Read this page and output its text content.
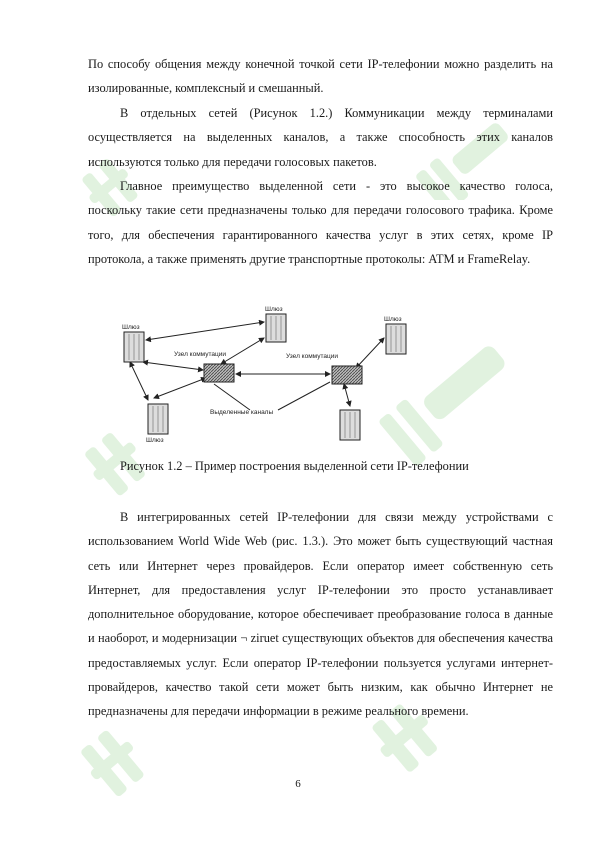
По способу общения между конечной точкой сети IP-телефонии можно разделить на изолированные, комплексный и смешанный.

В отдельных сетей (Рисунок 1.2.) Коммуникации между терминалами осуществляется на выделенных каналов, а также способность этих каналов используются только для передачи голосовых пакетов.

Главное преимущество выделенной сети - это высокое качество голоса, поскольку такие сети предназначены только для передачи голосового трафика. Кроме того, для обеспечения гарантированного качества услуг в этих сетях, кроме IP протокола, а также применять другие транспортные протоколы: ATM и FrameRelay.

Шлюз
Шлюз
Шлюз
Шлюз
Узел коммутации	Узел коммутации
Выделенные каналы

Рисунок 1.2 – Пример построения выделенной сети IP-телефонии

В интегрированных сетей IP-телефонии для связи между устройствами с использованием World Wide Web (рис. 1.3.). Это может быть существующий частная сеть или Интернет через провайдеров. Если оператор имеет собственную сеть Интернет, для предоставления услуг IP-телефонии это просто устанавливает дополнительное оборудование, которое обеспечивает преобразование голоса в данные и наоборот, и модернизации ¬ ziruet существующих объектов для обеспечения качества предоставляемых услуг. Если оператор IP-телефонии пользуется услугами интернет-провайдеров, качество такой сети может быть низким, как обычно Интернет не предназначены для передачи информации в режиме реального времени.

6
